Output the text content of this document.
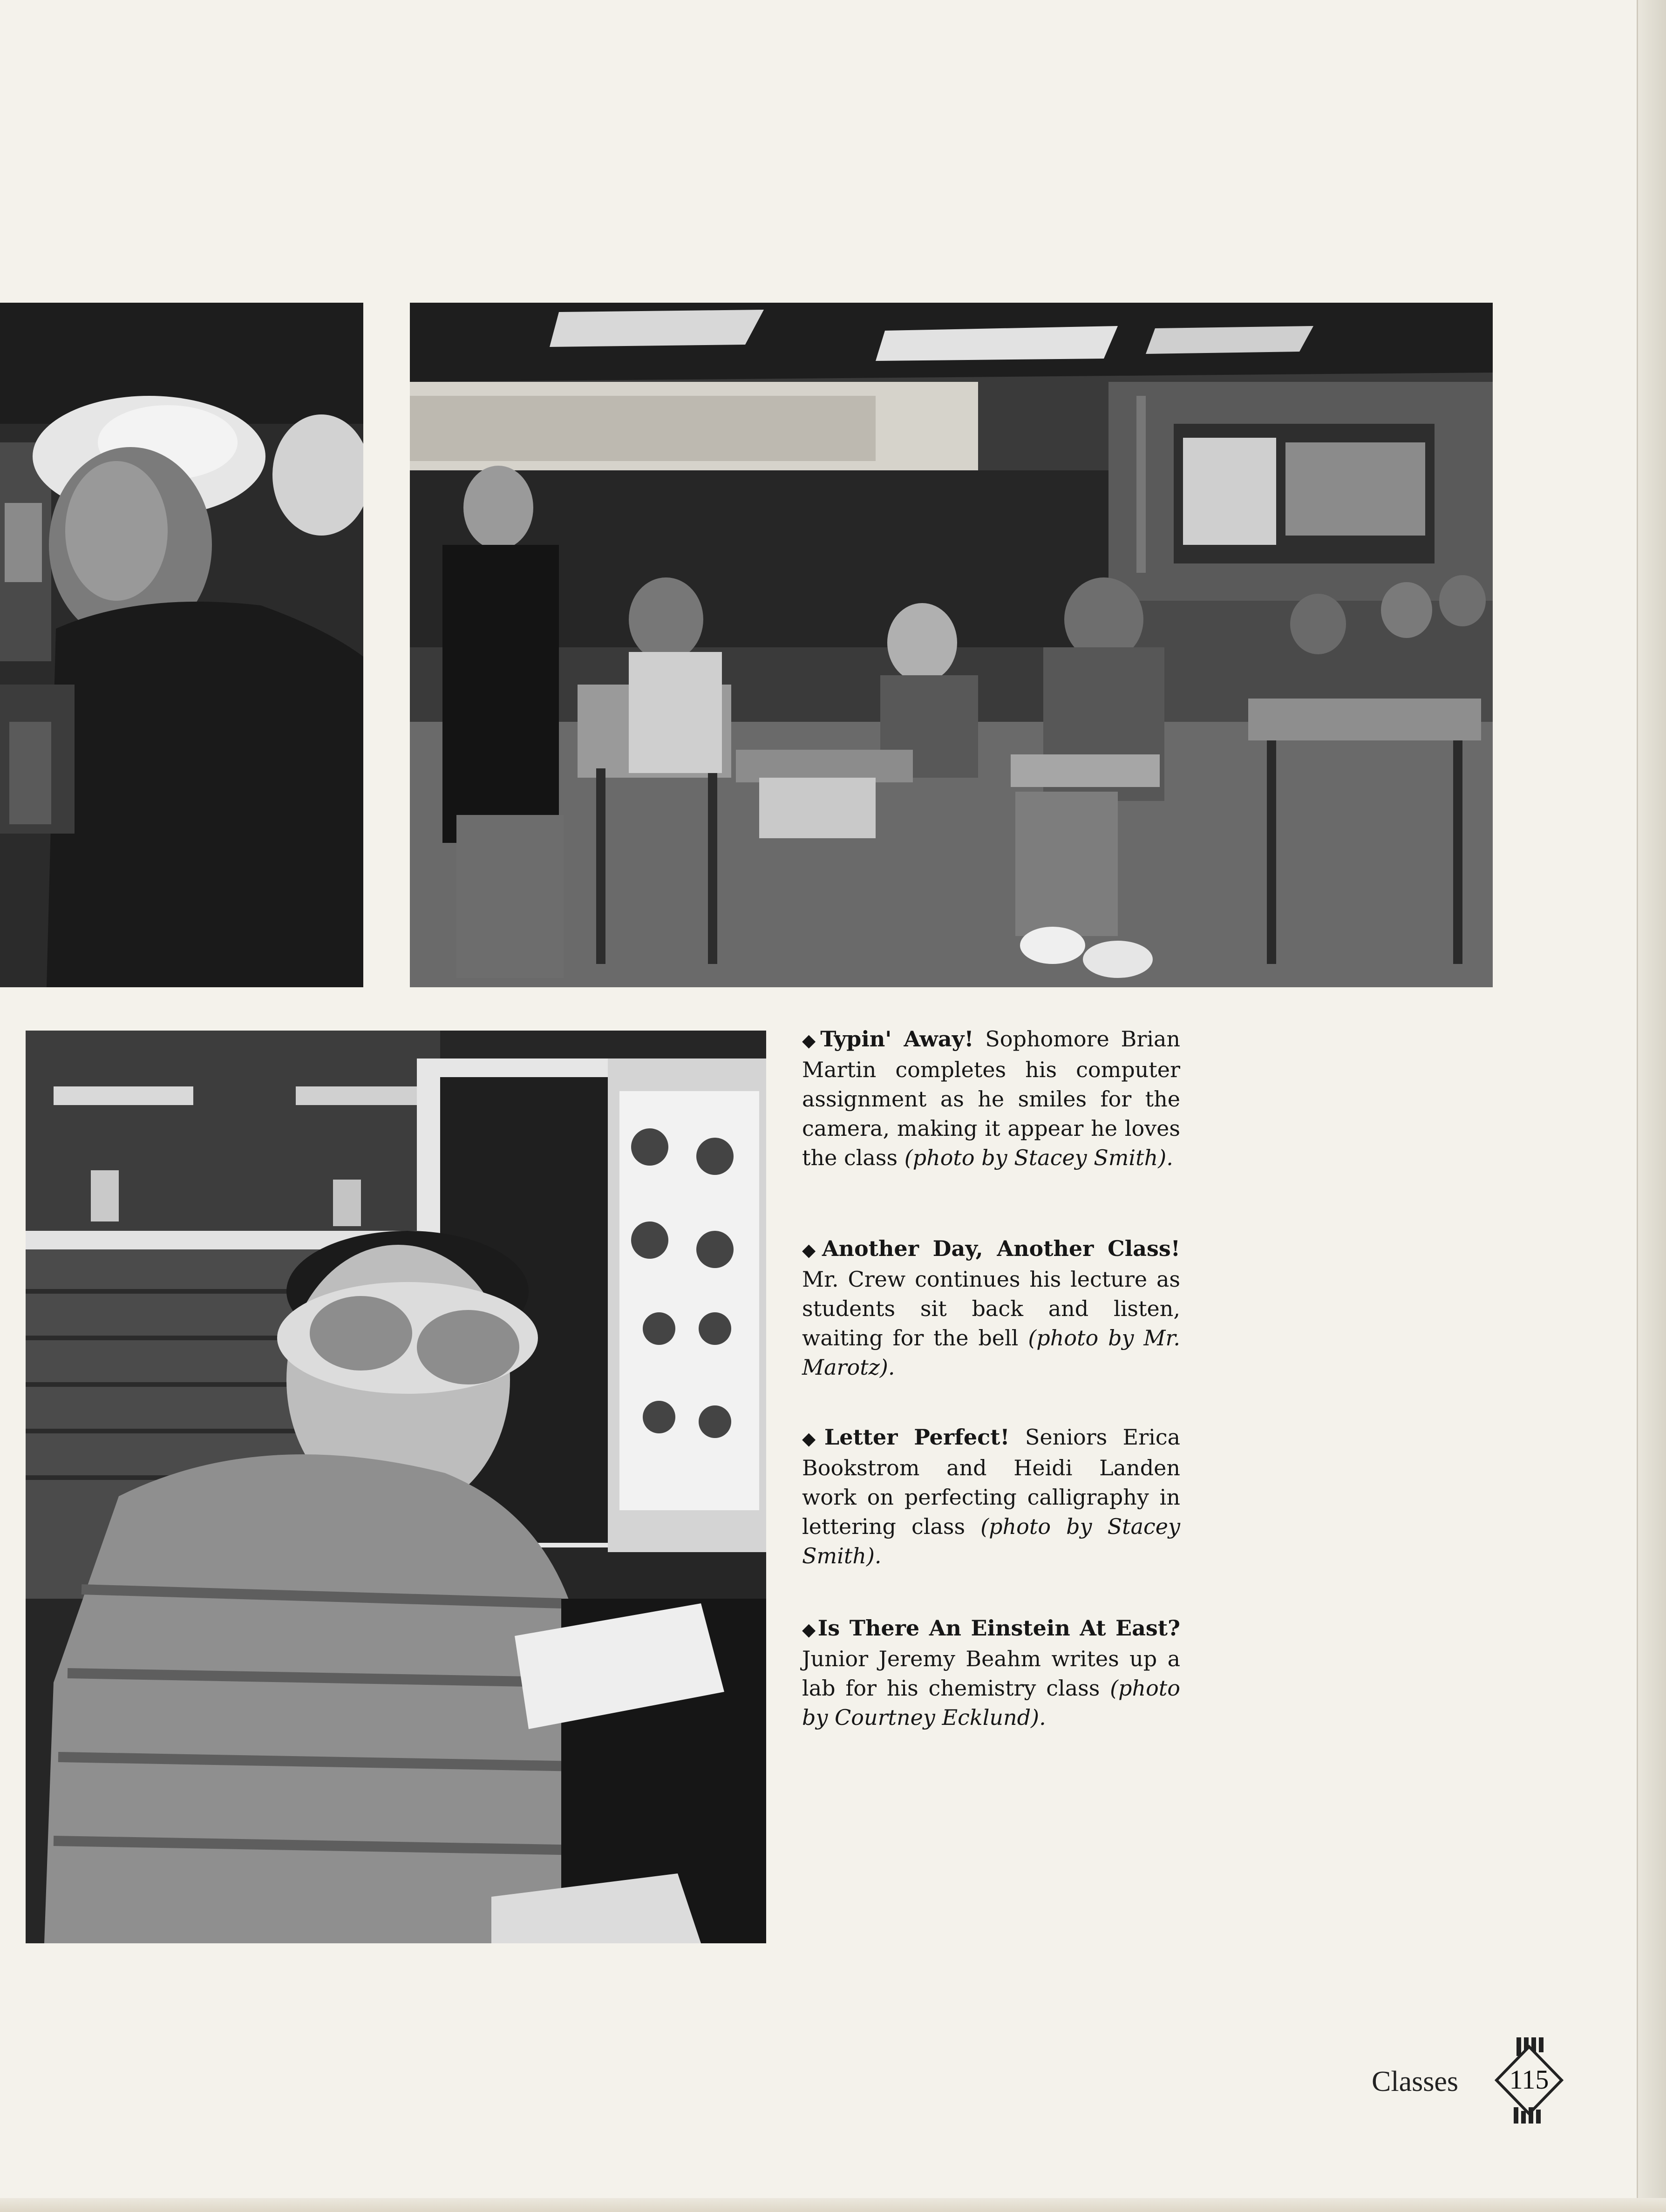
◆Typin' Away! Sophomore Brian Martin completes his computer assignment as he smiles for the camera, making it appear he loves the class (photo by Stacey Smith).

◆Another Day, Another Class! Mr. Crew continues his lecture as students sit back and listen, waiting for the bell (photo by Mr. Marotz).

◆Letter Perfect! Seniors Erica Bookstrom and Heidi Landen work on perfecting calligraphy in lettering class (photo by Stacey Smith).

◆Is There An Einstein At East? Junior Jeremy Beahm writes up a lab for his chemistry class (photo by Courtney Ecklund).

Classes	115
